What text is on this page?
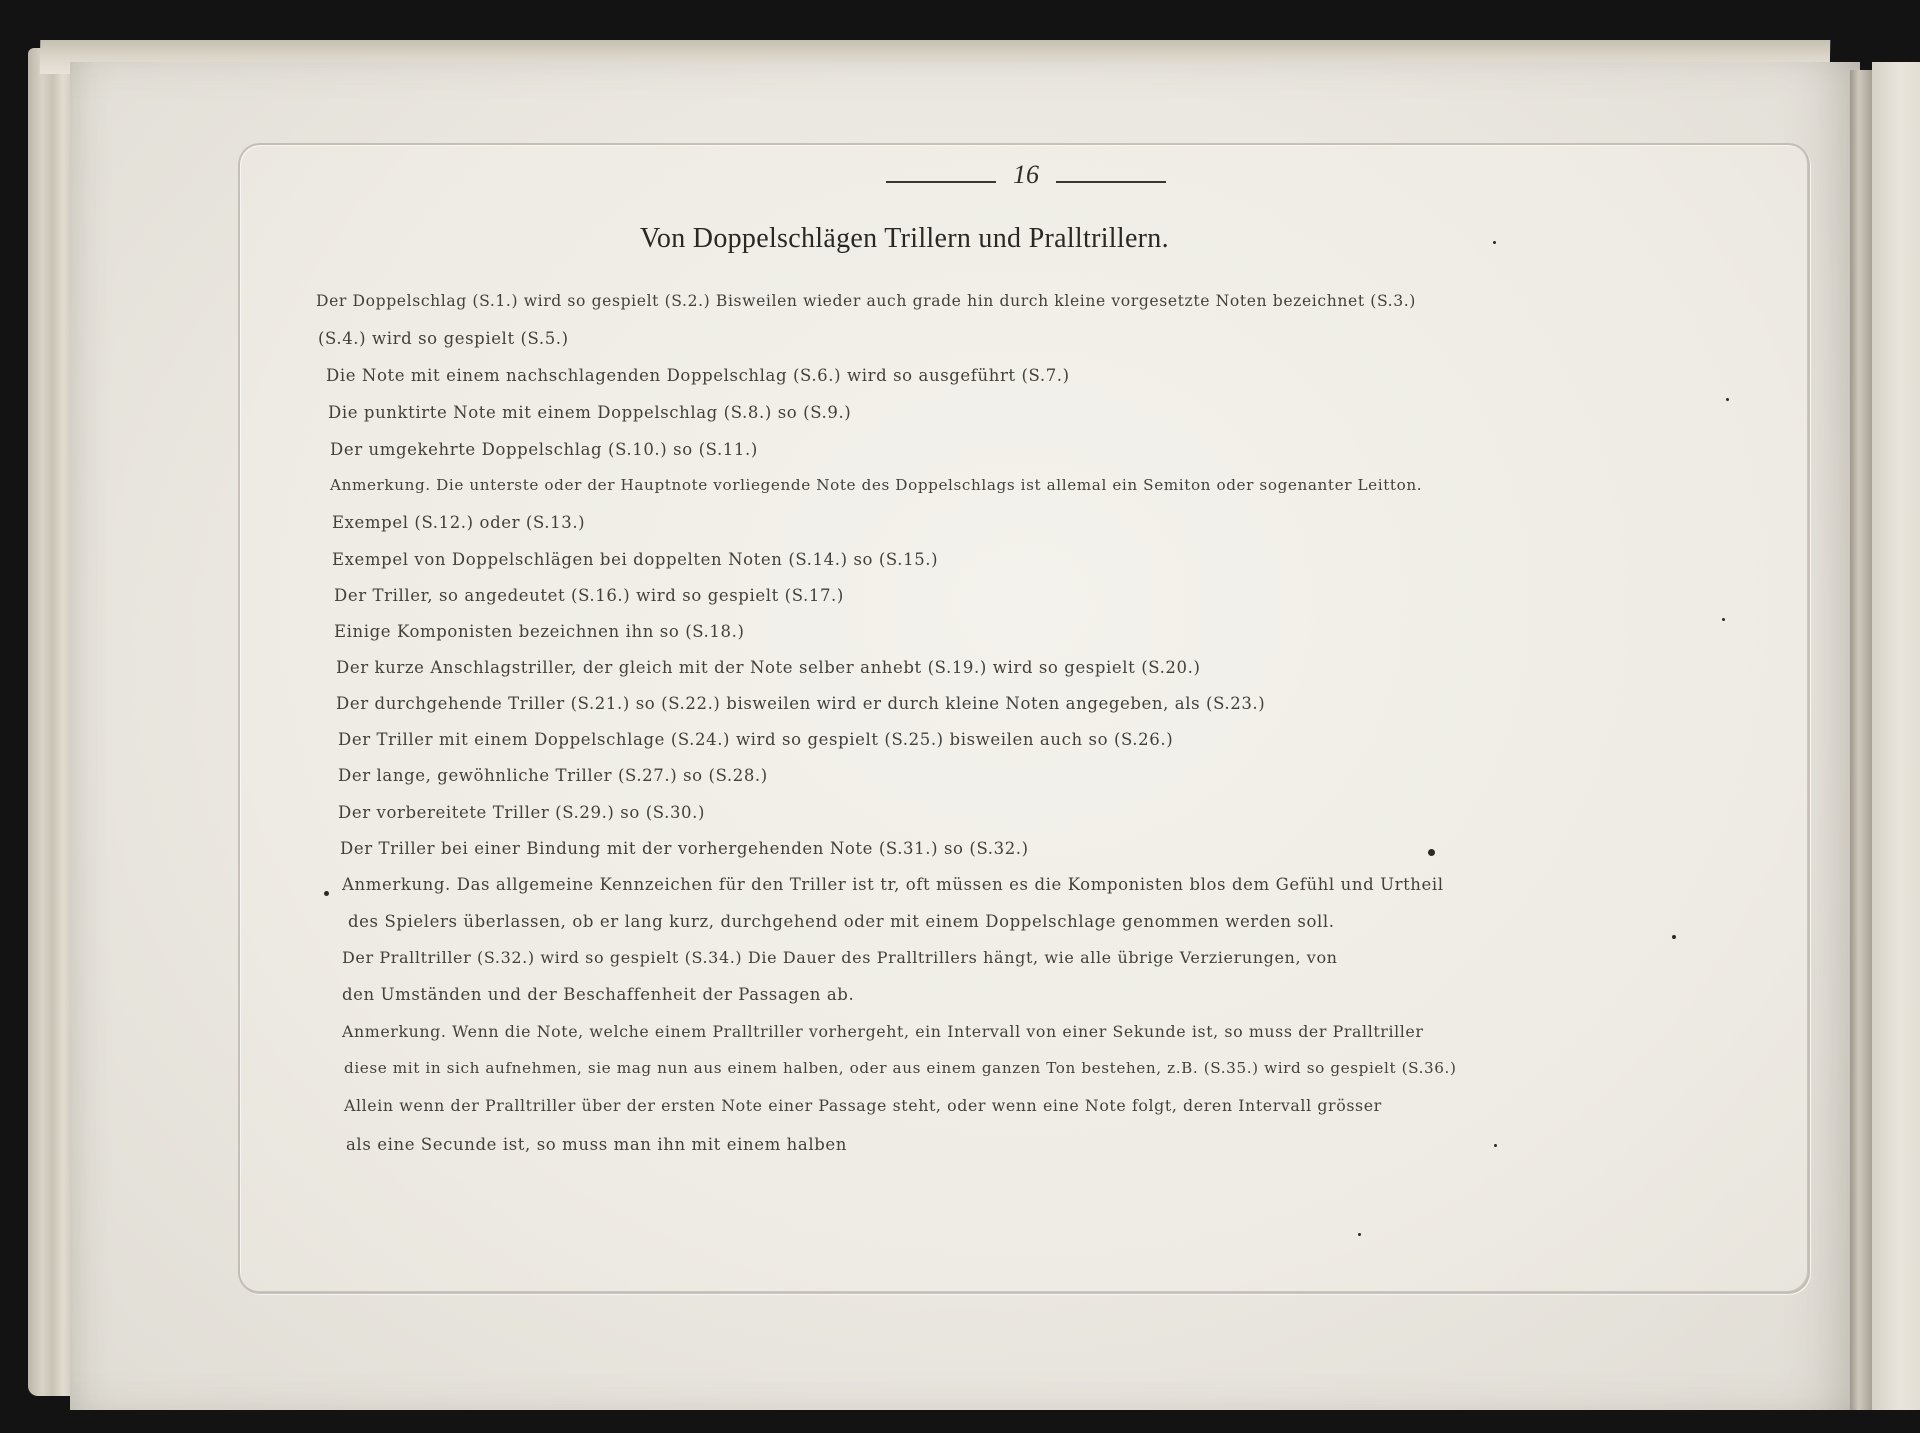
16
Von Doppelschlägen Trillern und Pralltrillern.
Der Doppelschlag (S.1.) wird so gespielt (S.2.) Bisweilen wieder auch grade hin durch kleine vorgesetzte Noten bezeichnet (S.3.)
(S.4.) wird so gespielt (S.5.)
Die Note mit einem nachschlagenden Doppelschlag (S.6.) wird so ausgeführt (S.7.)
Die punktirte Note mit einem Doppelschlag (S.8.) so (S.9.)
Der umgekehrte Doppelschlag (S.10.) so (S.11.)
Anmerkung. Die unterste oder der Hauptnote vorliegende Note des Doppelschlags ist allemal ein Semiton oder sogenanter Leitton.
Exempel (S.12.) oder (S.13.)
Exempel von Doppelschlägen bei doppelten Noten (S.14.) so (S.15.)
Der Triller, so angedeutet (S.16.) wird so gespielt (S.17.)
Einige Komponisten bezeichnen ihn so (S.18.)
Der kurze Anschlagstriller, der gleich mit der Note selber anhebt (S.19.) wird so gespielt (S.20.)
Der durchgehende Triller (S.21.) so (S.22.) bisweilen wird er durch kleine Noten angegeben, als (S.23.)
Der Triller mit einem Doppelschlage (S.24.) wird so gespielt (S.25.) bisweilen auch so (S.26.)
Der lange, gewöhnliche Triller (S.27.) so (S.28.)
Der vorbereitete Triller (S.29.) so (S.30.)
Der Triller bei einer Bindung mit der vorhergehenden Note (S.31.) so (S.32.)
Anmerkung. Das allgemeine Kennzeichen für den Triller ist tr, oft müssen es die Komponisten blos dem Gefühl und Urtheil
des Spielers überlassen, ob er lang kurz, durchgehend oder mit einem Doppelschlage genommen werden soll.
Der Pralltriller (S.32.) wird so gespielt (S.34.) Die Dauer des Pralltrillers hängt, wie alle übrige Verzierungen, von
den Umständen und der Beschaffenheit der Passagen ab.
Anmerkung. Wenn die Note, welche einem Pralltriller vorhergeht, ein Intervall von einer Sekunde ist, so muss der Pralltriller
diese mit in sich aufnehmen, sie mag nun aus einem halben, oder aus einem ganzen Ton bestehen, z.B. (S.35.) wird so gespielt (S.36.)
Allein wenn der Pralltriller über der ersten Note einer Passage steht, oder wenn eine Note folgt, deren Intervall grösser
als eine Secunde ist, so muss man ihn mit einem halben
